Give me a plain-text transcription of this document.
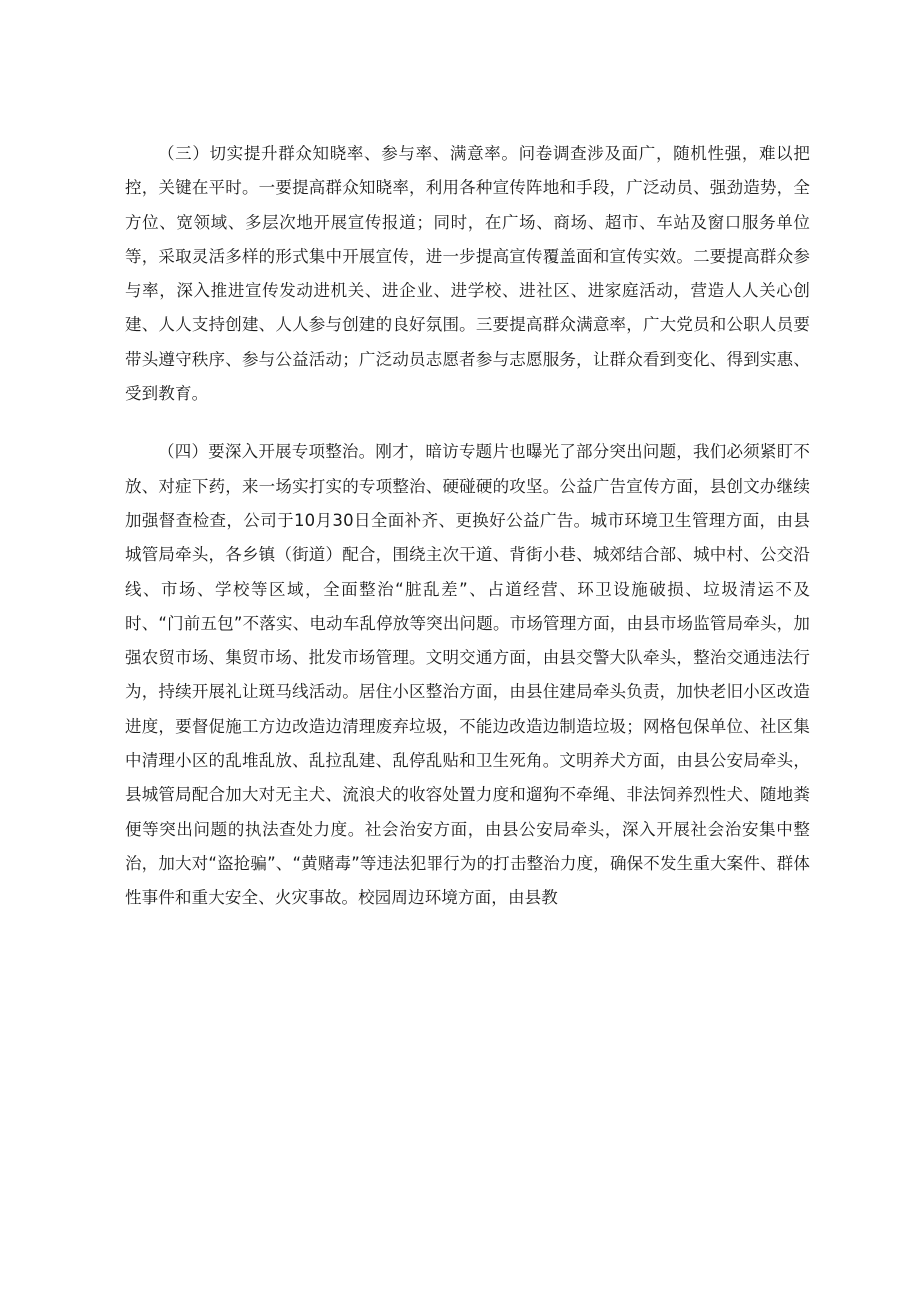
（三）切实提升群众知晓率、参与率、满意率。问卷调查涉及面广，随机性强，难以把控，关键在平时。一要提高群众知晓率，利用各种宣传阵地和手段，广泛动员、强劲造势，全方位、宽领域、多层次地开展宣传报道；同时，在广场、商场、超市、车站及窗口服务单位等，采取灵活多样的形式集中开展宣传，进一步提高宣传覆盖面和宣传实效。二要提高群众参与率，深入推进宣传发动进机关、进企业、进学校、进社区、进家庭活动，营造人人关心创建、人人支持创建、人人参与创建的良好氛围。三要提高群众满意率，广大党员和公职人员要带头遵守秩序、参与公益活动；广泛动员志愿者参与志愿服务，让群众看到变化、得到实惠、受到教育。

（四）要深入开展专项整治。刚才，暗访专题片也曝光了部分突出问题，我们必须紧盯不放、对症下药，来一场实打实的专项整治、硬碰硬的攻坚。公益广告宣传方面，县创文办继续加强督查检查，公司于10月30日全面补齐、更换好公益广告。城市环境卫生管理方面，由县城管局牵头，各乡镇（街道）配合，围绕主次干道、背街小巷、城郊结合部、城中村、公交沿线、市场、学校等区域，全面整治“脏乱差”、占道经营、环卫设施破损、垃圾清运不及时、“门前五包”不落实、电动车乱停放等突出问题。市场管理方面，由县市场监管局牵头，加强农贸市场、集贸市场、批发市场管理。文明交通方面，由县交警大队牵头，整治交通违法行为，持续开展礼让斑马线活动。居住小区整治方面，由县住建局牵头负责，加快老旧小区改造进度，要督促施工方边改造边清理废弃垃圾，不能边改造边制造垃圾；网格包保单位、社区集中清理小区的乱堆乱放、乱拉乱建、乱停乱贴和卫生死角。文明养犬方面，由县公安局牵头，县城管局配合加大对无主犬、流浪犬的收容处置力度和遛狗不牵绳、非法饲养烈性犬、随地粪便等突出问题的执法查处力度。社会治安方面，由县公安局牵头，深入开展社会治安集中整治，加大对“盗抢骗”、“黄赌毒”等违法犯罪行为的打击整治力度，确保不发生重大案件、群体性事件和重大安全、火灾事故。校园周边环境方面，由县教
